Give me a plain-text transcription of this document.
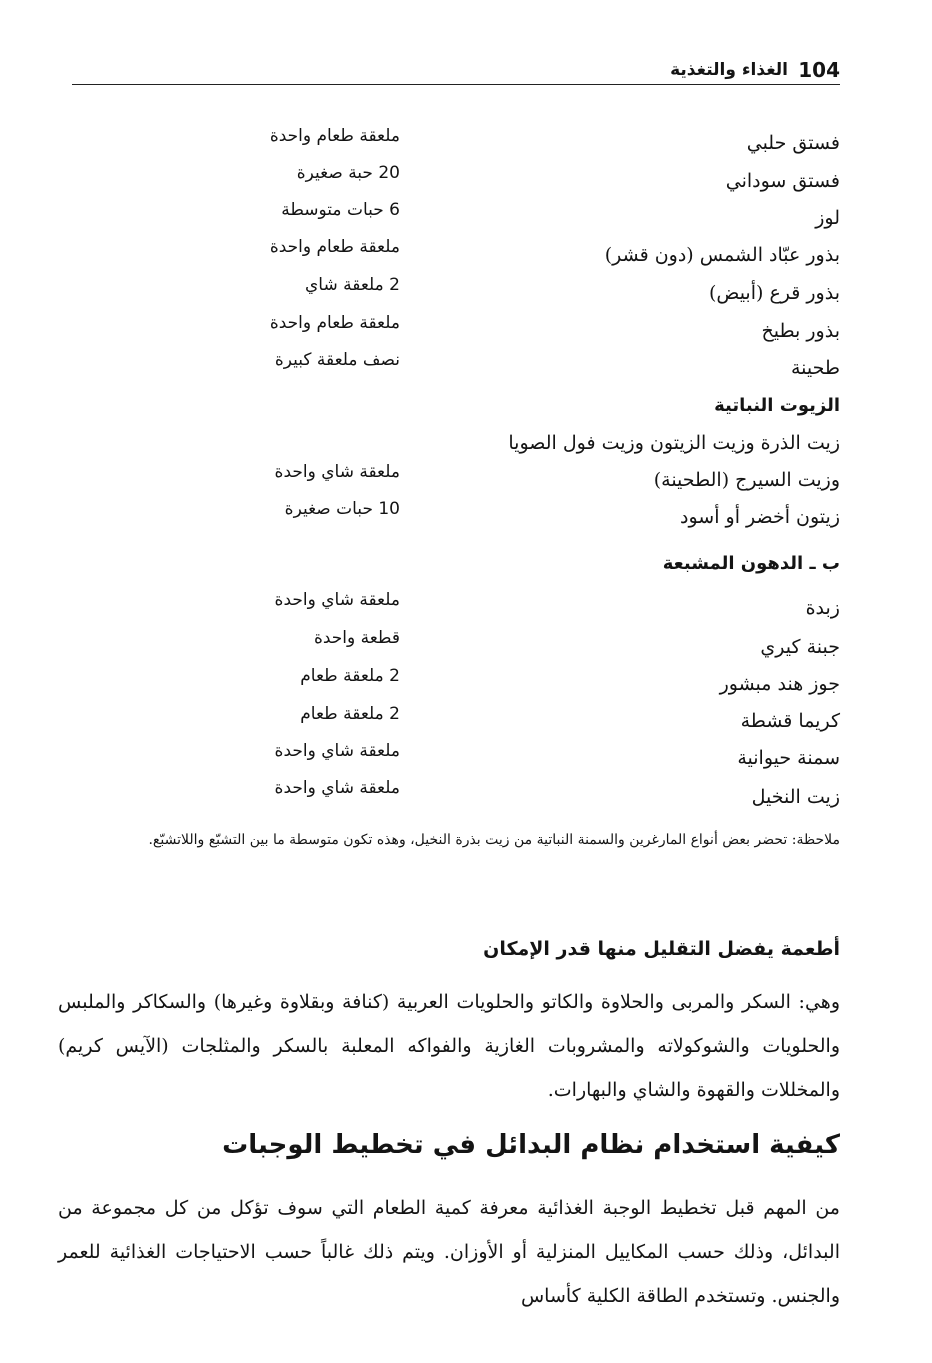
104
الغذاء والتغذية
فستق حلبي
ملعقة طعام واحدة
فستق سوداني
20 حبة صغيرة
لوز
6 حبات متوسطة
بذور عبّاد الشمس (دون قشر)
ملعقة طعام واحدة
بذور قرع (أبيض)
2 ملعقة شاي
بذور بطيخ
ملعقة طعام واحدة
طحينة
نصف ملعقة كبيرة
الزيوت النباتية
زيت الذرة وزيت الزيتون وزيت فول الصويا
وزيت السيرج (الطحينة)
ملعقة شاي واحدة
زيتون أخضر أو أسود
10 حبات صغيرة
ب ـ الدهون المشبعة
زبدة
ملعقة شاي واحدة
جبنة كيري
قطعة واحدة
جوز هند مبشور
2 ملعقة طعام
كريما قشطة
2 ملعقة طعام
سمنة حيوانية
ملعقة شاي واحدة
زيت النخيل
ملعقة شاي واحدة
ملاحظة: تحضر بعض أنواع المارغرين والسمنة النباتية من زيت بذرة النخيل، وهذه تكون متوسطة ما بين التشبّع واللاتشبّع.
أطعمة يفضل التقليل منها قدر الإمكان
وهي: السكر والمربى والحلاوة والكاتو والحلويات العربية (كنافة وبقلاوة وغيرها) والسكاكر والملبس والحلويات والشوكولاته والمشروبات الغازية والفواكه المعلبة بالسكر والمثلجات (الآيس كريم) والمخللات والقهوة والشاي والبهارات.
كيفية استخدام نظام البدائل في تخطيط الوجبات
من المهم قبل تخطيط الوجبة الغذائية معرفة كمية الطعام التي سوف تؤكل من كل مجموعة من البدائل، وذلك حسب المكاييل المنزلية أو الأوزان. ويتم ذلك غالباً حسب الاحتياجات الغذائية للعمر والجنس. وتستخدم الطاقة الكلية كأساس
